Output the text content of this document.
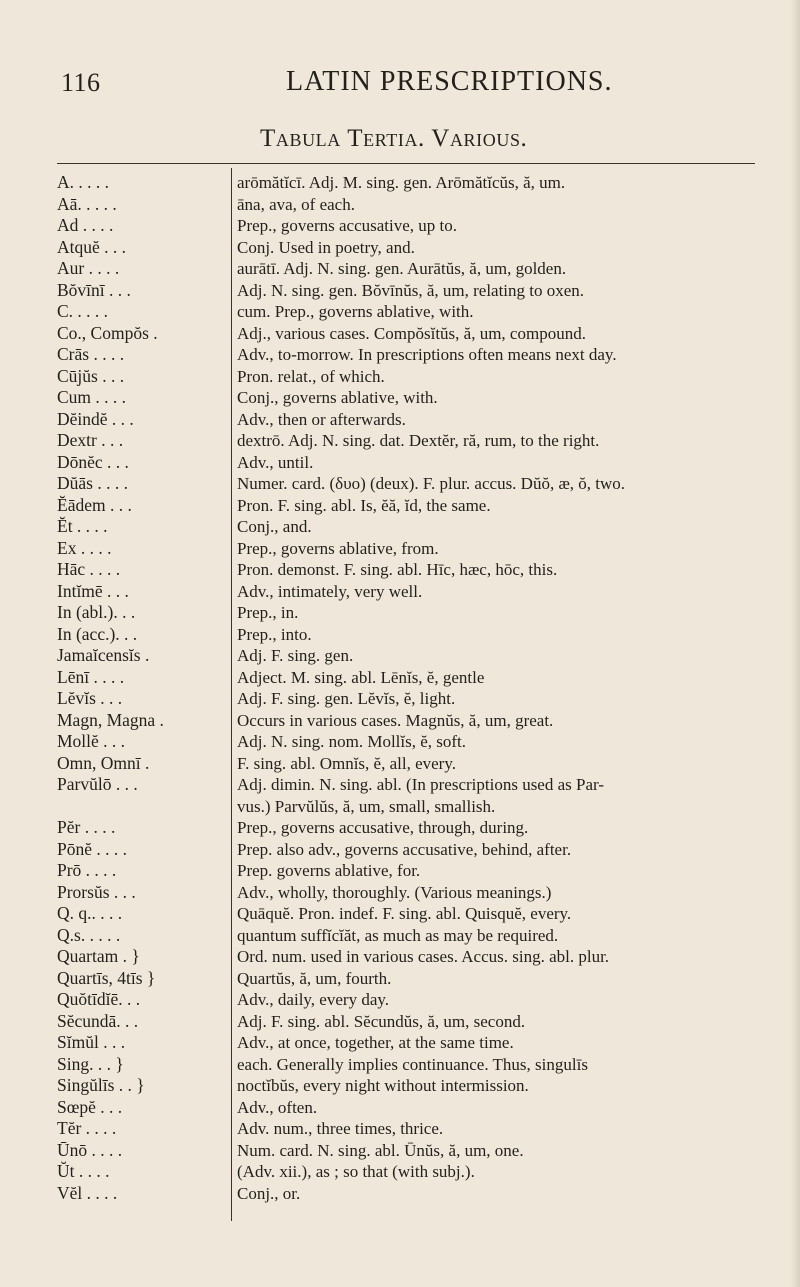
116	LATIN PRESCRIPTIONS.
Tabula Tertia. Various.
A. . . . .
Aā. . . . .
Ad . . . .
Atquĕ . . .
Aur . . . .
Bŏvīnī . . .
C. . . . .
Co., Compŏs .
Crās . . . .
Cūjŭs . . .
Cum . . . .
Dĕindĕ . . .
Dextr . . .
Dōnĕc . . .
Dŭās . . . .
Ĕādem . . .
Ĕt . . . .
Ex . . . .
Hāc . . . .
Intĭmē . . .
In (abl.). . .
In (acc.). . .
Jamaĭcensĭs .
Lēnī . . . .
Lĕvĭs . . .
Magn, Magna .
Mollĕ . . .
Omn, Omnī .
Parvŭlō . . .
Pĕr . . . .
Pōnĕ . . . .
Prō . . . .
Prorsŭs . . .
Q. q.. . . .
Q.s. . . . .
Quartam . }
Quartīs, 4tīs }
Quŏtīdĭē. . .
Sĕcundā. . .
Sĭmŭl . . .
Sing. . . }
Singŭlīs . . }
Sœpĕ . . .
Tĕr . . . .
Ūnō . . . .
Ŭt . . . .
Vĕl . . . .
arōmătĭcī. Adj. M. sing. gen. Arōmătĭcŭs, ă, um.
āna, ava, of each.
Prep., governs accusative, up to.
Conj. Used in poetry, and.
aurātī. Adj. N. sing. gen. Aurātŭs, ă, um, golden.
Adj. N. sing. gen. Bŏvīnŭs, ă, um, relating to oxen.
cum. Prep., governs ablative, with.
Adj., various cases. Compŏsĭtŭs, ă, um, compound.
Adv., to-morrow. In prescriptions often means next day.
Pron. relat., of which.
Conj., governs ablative, with.
Adv., then or afterwards.
dextrō. Adj. N. sing. dat. Dextĕr, ră, rum, to the right.
Adv., until.
Numer. card. (δυο) (deux). F. plur. accus. Dŭŏ, æ, ŏ, two.
Pron. F. sing. abl. Is, ĕă, ĭd, the same.
Conj., and.
Prep., governs ablative, from.
Pron. demonst. F. sing. abl. Hīc, hæc, hōc, this.
Adv., intimately, very well.
Prep., in.
Prep., into.
Adj. F. sing. gen.
Adject. M. sing. abl. Lēnĭs, ĕ, gentle
Adj. F. sing. gen. Lĕvĭs, ĕ, light.
Occurs in various cases. Magnŭs, ă, um, great.
Adj. N. sing. nom. Mollĭs, ĕ, soft.
F. sing. abl. Omnĭs, ĕ, all, every.
Adj. dimin. N. sing. abl. (In prescriptions used as Par-
vus.) Parvŭlŭs, ă, um, small, smallish.
Prep., governs accusative, through, during.
Prep. also adv., governs accusative, behind, after.
Prep. governs ablative, for.
Adv., wholly, thoroughly. (Various meanings.)
Quāquĕ. Pron. indef. F. sing. abl. Quisquĕ, every.
quantum suffĭcĭăt, as much as may be required.
Ord. num. used in various cases. Accus. sing. abl. plur.
Quartŭs, ă, um, fourth.
Adv., daily, every day.
Adj. F. sing. abl. Sĕcundŭs, ă, um, second.
Adv., at once, together, at the same time.
each. Generally implies continuance. Thus, singulīs
noctĭbŭs, every night without intermission.
Adv., often.
Adv. num., three times, thrice.
Num. card. N. sing. abl. Ūnŭs, ă, um, one.
(Adv. xii.), as ; so that (with subj.).
Conj., or.
